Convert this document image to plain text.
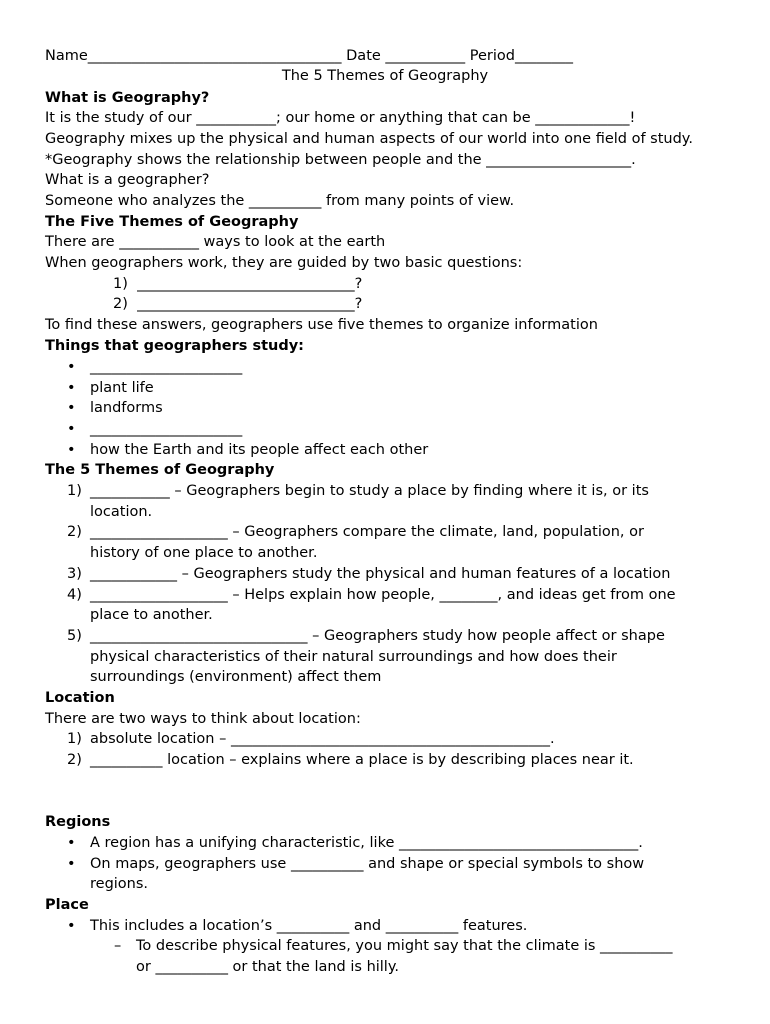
Name___________________________________ Date ___________ Period________
The 5 Themes of Geography
What is Geography?
It is the study of our ___________; our home or anything that can be _____________!
Geography mixes up the physical and human aspects of our world into one field of study.
*Geography shows the relationship between people and the ____________________.
What is a geographer?
Someone who analyzes the __________ from many points of view.
The Five Themes of Geography
There are ___________ ways to look at the earth
When geographers work, they are guided by two basic questions:
1)  ______________________________?
2)  ______________________________?
To find these answers, geographers use five themes to organize information
Things that geographers study:
• _____________________
• plant life
• landforms
• _____________________
• how the Earth and its people affect each other
The 5 Themes of Geography
1) ___________ – Geographers begin to study a place by finding where it is, or its
location.
2) ___________________ – Geographers compare the climate, land, population, or
history of one place to another.
3) ____________ – Geographers study the physical and human features of a location
4) ___________________ – Helps explain how people, ________, and ideas get from one
place to another.
5) ______________________________ – Geographers study how people affect or shape
physical characteristics of their natural surroundings and how does their
surroundings (environment) affect them
Location
There are two ways to think about location:
1) absolute location – ____________________________________________.
2) __________ location – explains where a place is by describing places near it.
Regions
• A region has a unifying characteristic, like _________________________________.
• On maps, geographers use __________ and shape or special symbols to show
regions.
Place
• This includes a location’s __________ and __________ features.
– To describe physical features, you might say that the climate is __________
or __________ or that the land is hilly.
